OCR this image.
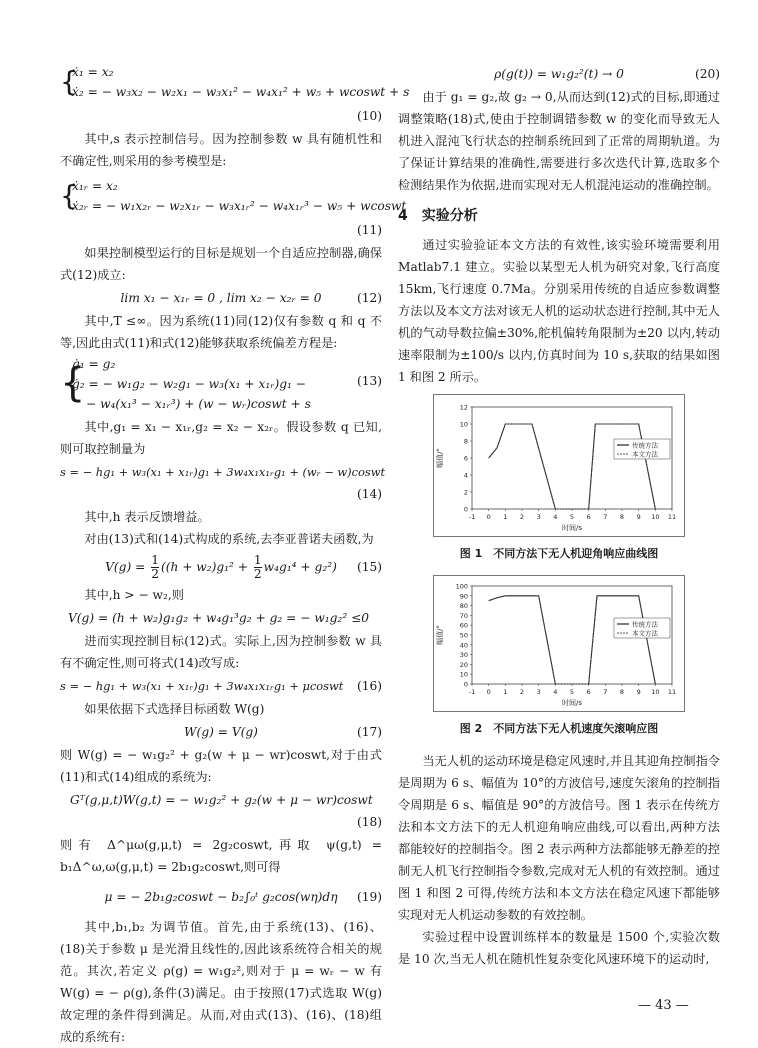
{
ẋ₁ = x₂
ẋ₂ = − w₃x₂ − w₂x₁ − w₃x₁² − w₄x₁² + w₅ + wcoswt + s
(10)

其中,s 表示控制信号。因为控制参数 w 具有随机性和不确定性,则采用的参考模型是:

{
ẋ₁ᵣ = x₂
ẋ₂ᵣ = − w₁x₂ᵣ − w₂x₁ᵣ − w₃x₁ᵣ² − w₄x₁ᵣ³ − w₅ + wcoswt
(11)

如果控制模型运行的目标是规划一个自适应控制器,确保式(12)成立:

lim x₁ − x₁ᵣ = 0 , lim x₂ − x₂ᵣ = 0	(12)

其中,T ≤∞。因为系统(11)同(12)仅有参数 q 和 q 不等,因此由式(11)和式(12)能够获取系统偏差方程是:

{
ġ₁ = g₂
ġ₂ = − w₁g₂ − w₂g₁ − w₃(x₁ + x₁ᵣ)g₁ −
− w₄(x₁³ − x₁ᵣ³) + (w − wᵣ)coswt + s
(13)

其中,g₁ = x₁ − x₁ᵣ,g₂ = x₂ − x₂ᵣ。假设参数 q 已知,则可取控制量为

s = − hg₁ + w₃(x₁ + x₁ᵣ)g₁ + 3w₄x₁x₁ᵣg₁ + (wᵣ − w)coswt
(14)

其中,h 表示反馈增益。

对由(13)式和(14)式构成的系统,去李亚普诺夫函数,为

$V(g) = \frac{1}{2} ((h + w_2)g_1^2 + \frac{1}{2} w_4g_1^4 + g_2^2)$ (15)

其中,h > − w₂,则

V(g) = (h + w₂)g₁g₂ + w₄g₁³g₂ + g₂ = − w₁g₂² ≤0

进而实现控制目标(12)式。实际上,因为控制参数 w 具有不确定性,则可将式(14)改写成:

s = − hg₁ + w₃(x₁ + x₁ᵣ)g₁ + 3w₄x₁x₁ᵣg₁ + μcoswt (16)

如果依据下式选择目标函数 W(g)

W(g) = V(g)	(17)

则 W(g) = − w₁g₂² + g₂(w + μ − wr)coswt,对于由式(11)和式(14)组成的系统为:

Gᵀ(g,μ,t)W(g,t) = − w₁g₂² + g₂(w + μ − wr)coswt
(18)

则有 Δ^μω(g,μ,t) = 2g₂coswt,再取 ψ(g,t) = b₁Δ^ω,ω(g,μ,t) = 2b₁g₂coswt,则可得

μ = − 2b₁g₂coswt − b₂∫₀ᵗ g₂cos(wη)dη (19)

其中,b₁,b₂ 为调节值。首先,由于系统(13)、(16)、(18)关于参数 μ 是光滑且线性的,因此该系统符合相关的规范。其次,若定义 ρ(g) = w₁g₂²,则对于 μ = wᵣ − w 有 W(g) = − ρ(g),条件(3)满足。由于按照(17)式选取 W(g)故定理的条件得到满足。从而,对由式(13)、(16)、(18)组成的系统有:

ρ(g(t)) = w₁g₂²(t) → 0	(20)

由于 g₁ = g₂,故 g₂ → 0,从而达到(12)式的目标,即通过调整策略(18)式,使由于控制调错参数 w 的变化而导致无人机进入混沌飞行状态的控制系统回到了正常的周期轨道。为了保证计算结果的准确性,需要进行多次迭代计算,选取多个检测结果作为依据,进而实现对无人机混沌运动的准确控制。

4　实验分析

通过实验验证本文方法的有效性,该实验环境需要利用 Matlab7.1 建立。实验以某型无人机为研究对象,飞行高度 15km,飞行速度 0.7Ma。分别采用传统的自适应参数调整方法以及本文方法对该无人机的运动状态进行控制,其中无人机的气动导数拉偏±30%,舵机偏转角限制为±20 以内,转动速率限制为±100/s 以内,仿真时间为 10 s,获取的结果如图 1 和图 2 所示。

0
2
4
6
8
10
12
-1 0 1 2 3 4 5 6 7 8 9 10 11
时间/s
幅值/°
传统方法
本文方法
图 1　不同方法下无人机迎角响应曲线图
0
10
20
30
40
50
60
70
80
90
100
-1 0 1 2 3 4 5 6 7 8 9 10 11
时间/s
幅值/°
传统方法
本文方法
图 2　不同方法下无人机速度矢滚响应图

当无人机的运动环境是稳定风速时,并且其迎角控制指令是周期为 6 s、幅值为 10°的方波信号,速度矢滚角的控制指令周期是 6 s、幅值是 90°的方波信号。图 1 表示在传统方法和本文方法下的无人机迎角响应曲线,可以看出,两种方法都能较好的控制指令。图 2 表示两种方法都能够无静差的控制无人机飞行控制指令参数,完成对无人机的有效控制。通过图 1 和图 2 可得,传统方法和本文方法在稳定风速下都能够实现对无人机运动参数的有效控制。

实验过程中设置训练样本的数量是 1500 个,实验次数是 10 次,当无人机在随机性复杂变化风速环境下的运动时,

— 43 —
